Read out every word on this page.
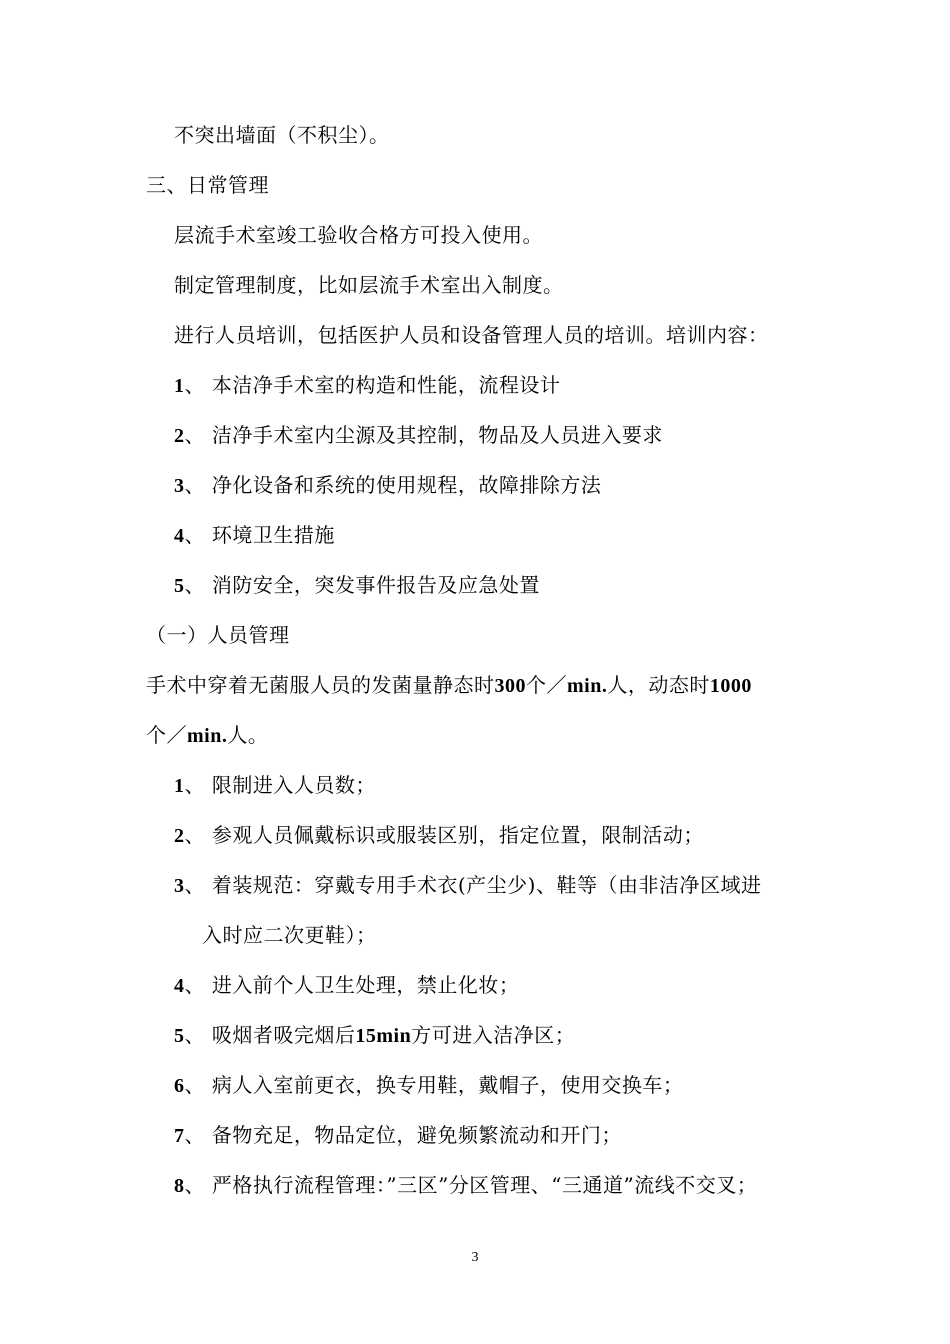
不突出墙面（不积尘）。

三、日常管理

层流手术室竣工验收合格方可投入使用。

制定管理制度，比如层流手术室出入制度。

进行人员培训，包括医护人员和设备管理人员的培训。培训内容：

1、 本洁净手术室的构造和性能，流程设计

2、 洁净手术室内尘源及其控制，物品及人员进入要求

3、 净化设备和系统的使用规程，故障排除方法

4、 环境卫生措施

5、 消防安全，突发事件报告及应急处置

（一）人员管理

手术中穿着无菌服人员的发菌量静态时300个／min.人，动态时1000

个／min.人。

1、 限制进入人员数；

2、 参观人员佩戴标识或服装区别，指定位置，限制活动；

3、 着装规范：穿戴专用手术衣(产尘少)、鞋等（由非洁净区域进

入时应二次更鞋）；

4、 进入前个人卫生处理，禁止化妆；

5、 吸烟者吸完烟后15min方可进入洁净区；

6、 病人入室前更衣，换专用鞋，戴帽子，使用交换车；

7、 备物充足，物品定位，避免频繁流动和开门；

8、 严格执行流程管理：”三区”分区管理、“三通道”流线不交叉；

3
